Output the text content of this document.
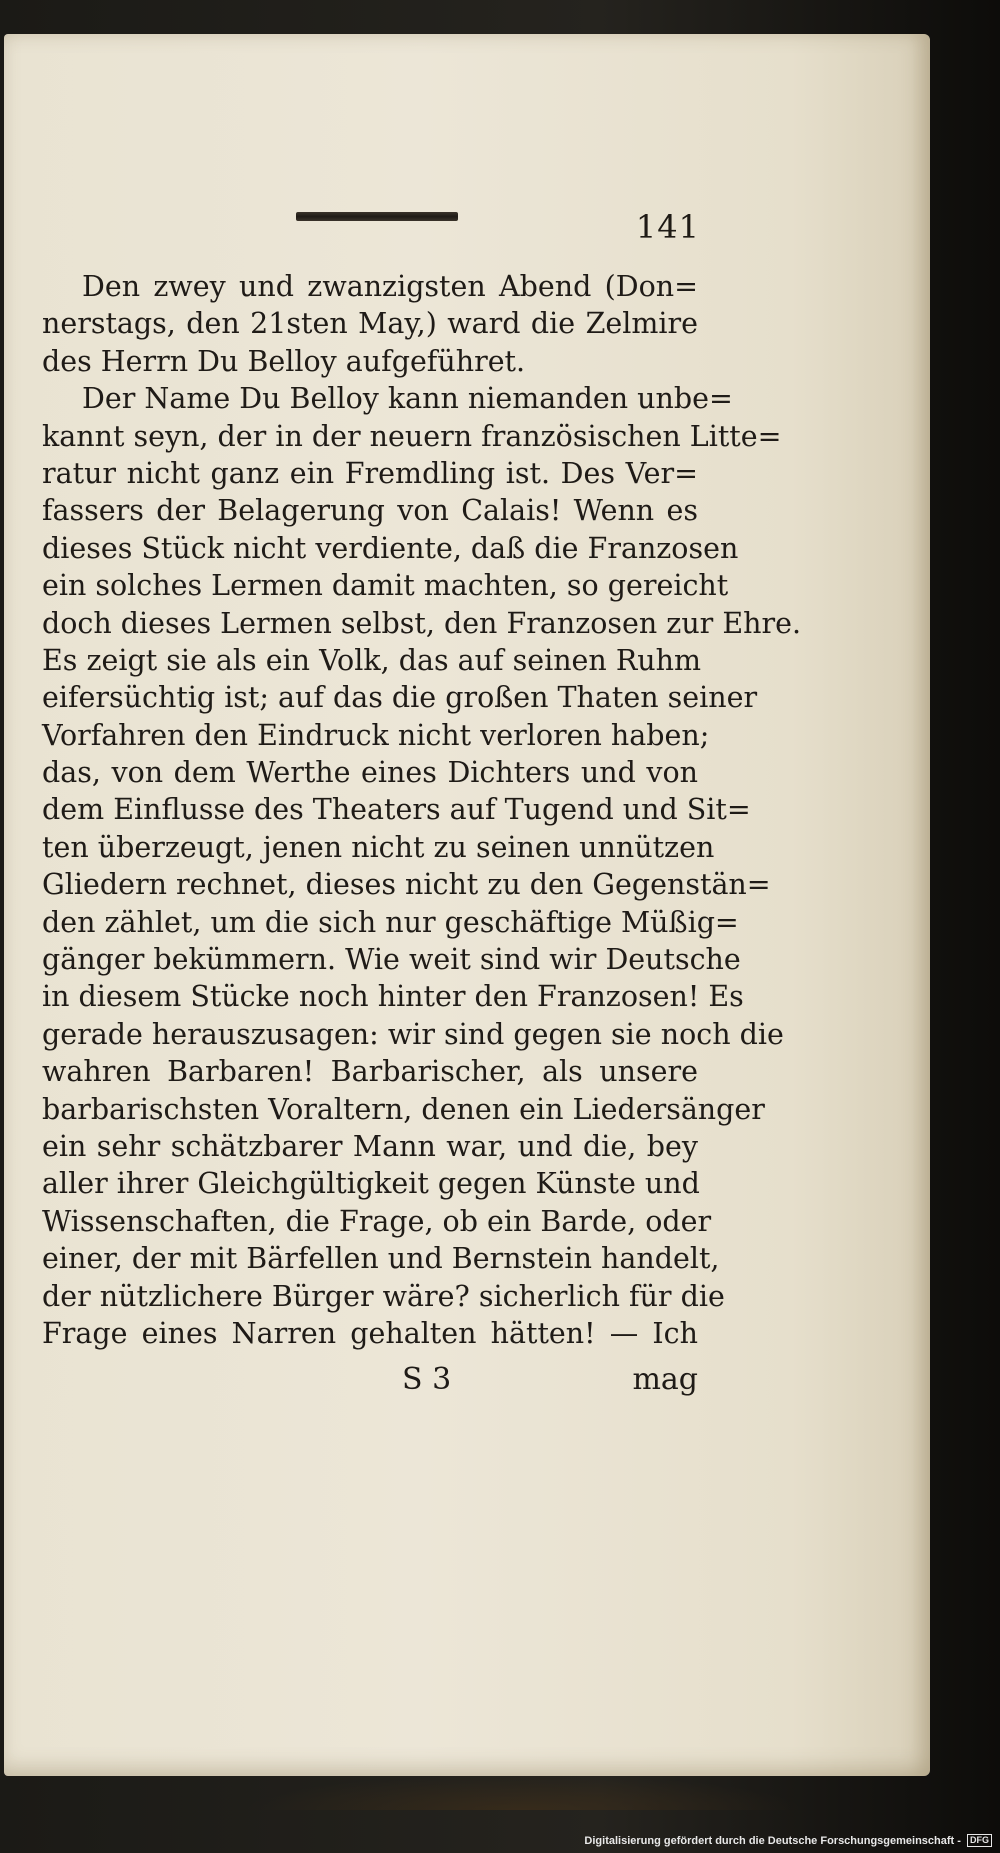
141
Den zwey und zwanzigsten Abend (Don=
nerstags, den 21sten May,) ward die Zelmire
des Herrn Du Belloy aufgeführet.
Der Name Du Belloy kann niemanden unbe=
kannt seyn, der in der neuern französischen Litte=
ratur nicht ganz ein Fremdling ist. Des Ver=
fassers der Belagerung von Calais! Wenn es
dieses Stück nicht verdiente, daß die Franzosen
ein solches Lermen damit machten, so gereicht
doch dieses Lermen selbst, den Franzosen zur Ehre.
Es zeigt sie als ein Volk, das auf seinen Ruhm
eifersüchtig ist; auf das die großen Thaten seiner
Vorfahren den Eindruck nicht verloren haben;
das, von dem Werthe eines Dichters und von
dem Einflusse des Theaters auf Tugend und Sit=
ten überzeugt, jenen nicht zu seinen unnützen
Gliedern rechnet, dieses nicht zu den Gegenstän=
den zählet, um die sich nur geschäftige Müßig=
gänger bekümmern. Wie weit sind wir Deutsche
in diesem Stücke noch hinter den Franzosen! Es
gerade herauszusagen: wir sind gegen sie noch die
wahren Barbaren! Barbarischer, als unsere
barbarischsten Voraltern, denen ein Liedersänger
ein sehr schätzbarer Mann war, und die, bey
aller ihrer Gleichgültigkeit gegen Künste und
Wissenschaften, die Frage, ob ein Barde, oder
einer, der mit Bärfellen und Bernstein handelt,
der nützlichere Bürger wäre? sicherlich für die
Frage eines Narren gehalten hätten! — Ich
S 3	mag
Digitalisierung gefördert durch die Deutsche Forschungsgemeinschaft - DFG
